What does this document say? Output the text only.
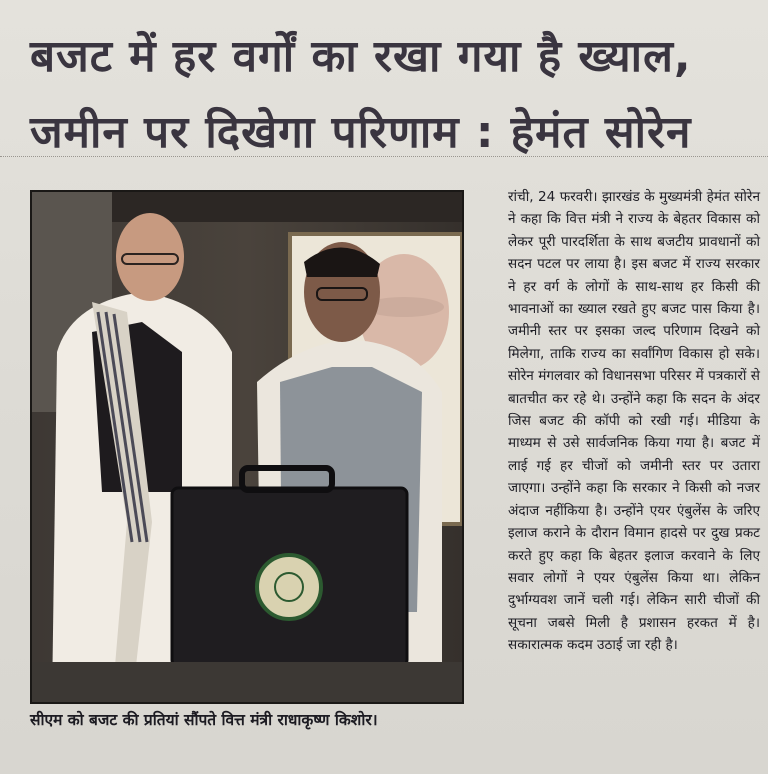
बजट में हर वर्गों का रखा गया है ख्याल,
जमीन पर दिखेगा परिणाम : हेमंत सोरेन
सीएम को बजट की प्रतियां सौंपते वित्त मंत्री राधाकृष्ण किशोर।

रांची, 24 फरवरी। झारखंड के मुख्यमंत्री हेमंत सोरेन ने कहा कि वित्त मंत्री ने राज्य के बेहतर विकास को लेकर पूरी पारदर्शिता के साथ बजटीय प्रावधानों को सदन पटल पर लाया है। इस बजट में राज्य सरकार ने हर वर्ग के लोगों के साथ-साथ हर किसी की भावनाओं का ख्याल रखते हुए बजट पास किया है। जमीनी स्तर पर इसका जल्द परिणाम दिखने को मिलेगा, ताकि राज्य का सर्वांगिण विकास हो सके। सोरेन मंगलवार को विधानसभा परिसर में पत्रकारों से बातचीत कर रहे थे। उन्होंने कहा कि सदन के अंदर जिस बजट की कॉपी को रखी गई। मीडिया के माध्यम से उसे सार्वजनिक किया गया है। बजट में लाई गई हर चीजों को जमीनी स्तर पर उतारा जाएगा। उन्होंने कहा कि सरकार ने किसी को नजर अंदाज नहींकिया है। उन्होंने एयर एंबुलेंस के जरिए इलाज कराने के दौरान विमान हादसे पर दुख प्रकट करते हुए कहा कि बेहतर इलाज करवाने के लिए सवार लोगों ने एयर एंबुलेंस किया था। लेकिन दुर्भाग्यवश जानें चली गई। लेकिन सारी चीजों की सूचना जबसे मिली है प्रशासन हरकत में है। सकारात्मक कदम उठाई जा रही है।
